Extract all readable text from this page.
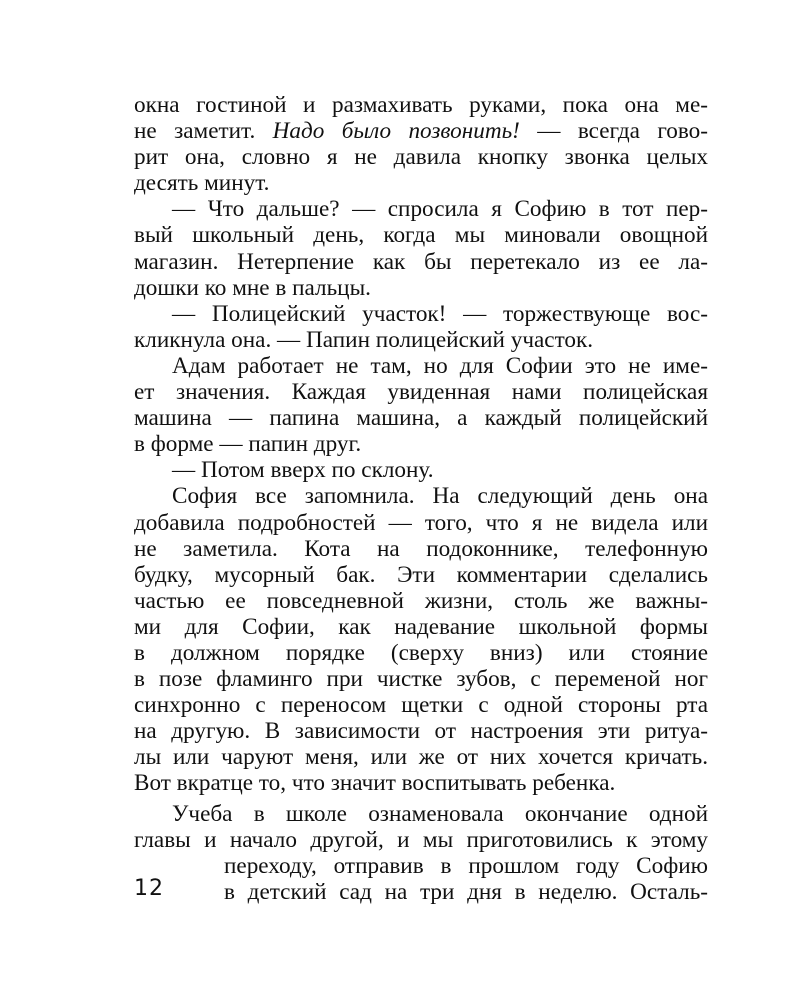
окна гостиной и размахивать руками, пока она ме-
не заметит. Надо было позвонить! — всегда гово-
рит она, словно я не давила кнопку звонка целых
десять минут.
— Что дальше? — спросила я Софию в тот пер-
вый школьный день, когда мы миновали овощной
магазин. Нетерпение как бы перетекало из ее ла-
дошки ко мне в пальцы.
— Полицейский участок! — торжествующе вос-
кликнула она. — Папин полицейский участок.
Адам работает не там, но для Софии это не име-
ет значения. Каждая увиденная нами полицейская
машина — папина машина, а каждый полицейский
в форме — папин друг.
— Потом вверх по склону.
София все запомнила. На следующий день она
добавила подробностей — того, что я не видела или
не заметила. Кота на подоконнике, телефонную
будку, мусорный бак. Эти комментарии сделались
частью ее повседневной жизни, столь же важны-
ми для Софии, как надевание школьной формы
в должном порядке (сверху вниз) или стояние
в позе фламинго при чистке зубов, с переменой ног
синхронно с переносом щетки с одной стороны рта
на другую. В зависимости от настроения эти ритуа-
лы или чаруют меня, или же от них хочется кричать.
Вот вкратце то, что значит воспитывать ребенка.
Учеба в школе ознаменовала окончание одной
главы и начало другой, и мы приготовились к этому
переходу, отправив в прошлом году Софию
в детский сад на три дня в неделю. Осталь-
12
